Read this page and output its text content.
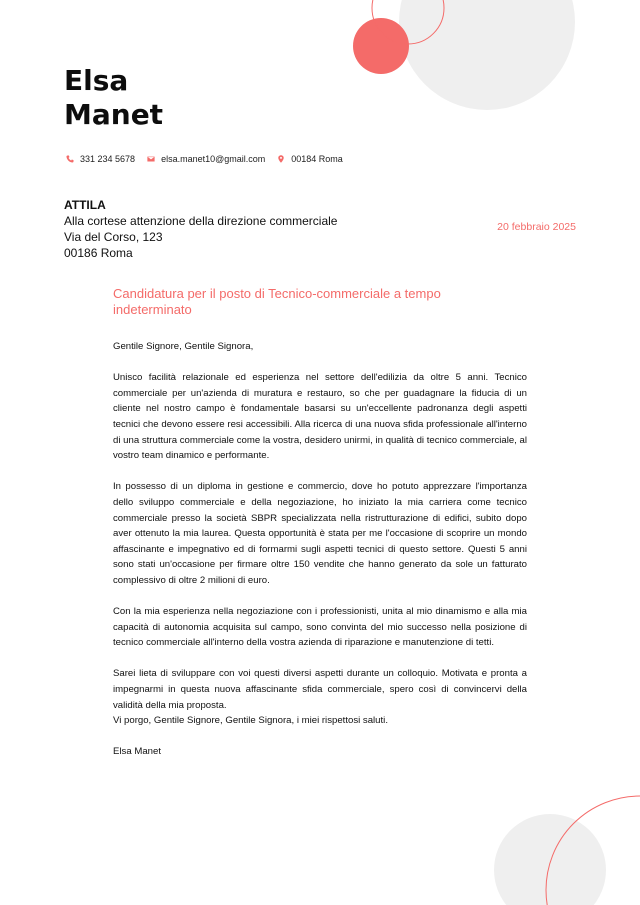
Elsa
Manet
331 234 5678	elsa.manet10@gmail.com	00184 Roma
ATTILA
Alla cortese attenzione della direzione commerciale
Via del Corso, 123
00186 Roma
20 febbraio 2025
Candidatura per il posto di Tecnico-commerciale a tempo indeterminato

Gentile Signore, Gentile Signora,

Unisco facilità relazionale ed esperienza nel settore dell'edilizia da oltre 5 anni. Tecnico commerciale per un'azienda di muratura e restauro, so che per guadagnare la fiducia di un cliente nel nostro campo è fondamentale basarsi su un'eccellente padronanza degli aspetti tecnici che devono essere resi accessibili. Alla ricerca di una nuova sfida professionale all'interno di una struttura commerciale come la vostra, desidero unirmi, in qualità di tecnico commerciale, al vostro team dinamico e performante.

In possesso di un diploma in gestione e commercio, dove ho potuto apprezzare l'importanza dello sviluppo commerciale e della negoziazione, ho iniziato la mia carriera come tecnico commerciale presso la società SBPR specializzata nella ristrutturazione di edifici, subito dopo aver ottenuto la mia laurea. Questa opportunità è stata per me l'occasione di scoprire un mondo affascinante e impegnativo ed di formarmi sugli aspetti tecnici di questo settore. Questi 5 anni sono stati un'occasione per firmare oltre 150 vendite che hanno generato da sole un fatturato complessivo di oltre 2 milioni di euro.

Con la mia esperienza nella negoziazione con i professionisti, unita al mio dinamismo e alla mia capacità di autonomia acquisita sul campo, sono convinta del mio successo nella posizione di tecnico commerciale all'interno della vostra azienda di riparazione e manutenzione di tetti.

Sarei lieta di sviluppare con voi questi diversi aspetti durante un colloquio. Motivata e pronta a impegnarmi in questa nuova affascinante sfida commerciale, spero così di convincervi della validità della mia proposta.

Vi porgo, Gentile Signore, Gentile Signora, i miei rispettosi saluti.

Elsa Manet
